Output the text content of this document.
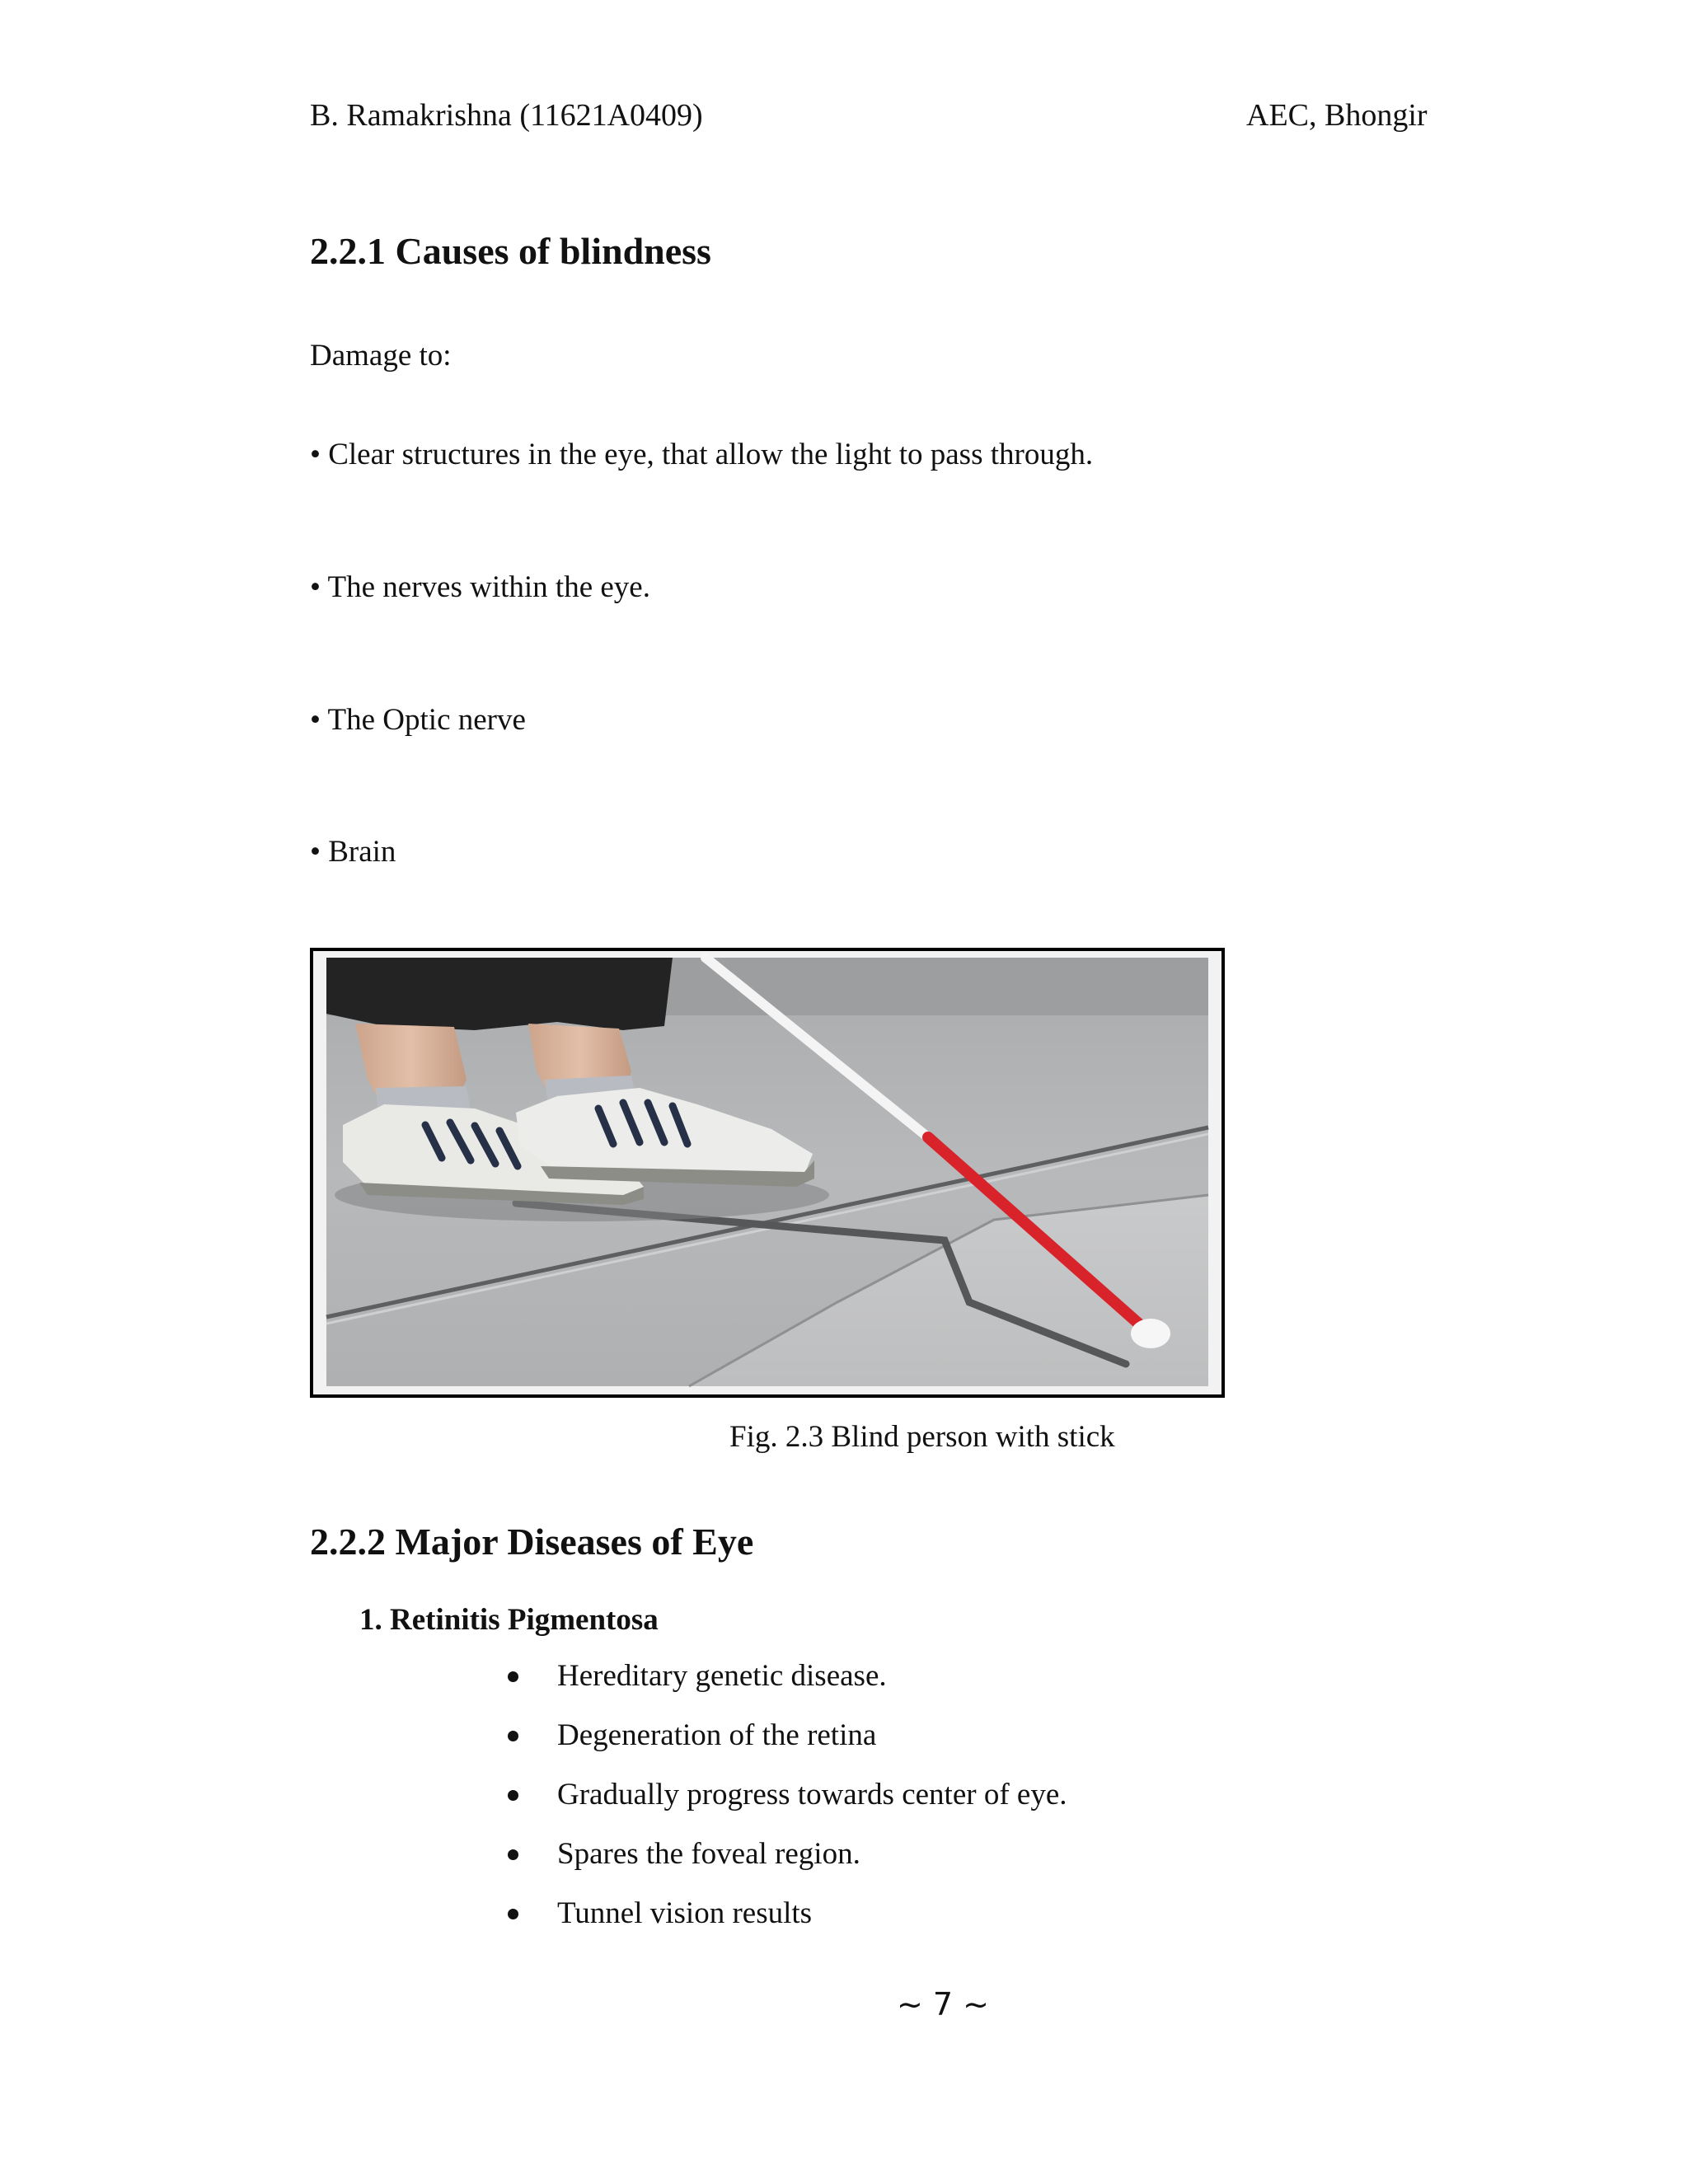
B. Ramakrishna (11621A0409)	AEC, Bhongir
2.2.1 Causes of blindness
Damage to:
• Clear structures in the eye, that allow the light to pass through.
• The nerves within the eye.
• The Optic nerve
• Brain
Fig. 2.3 Blind person with stick
2.2.2 Major Diseases of Eye
1. Retinitis Pigmentosa
Hereditary genetic disease.
Degeneration of the retina
Gradually progress towards center of eye.
Spares the foveal region.
Tunnel vision results
~ 7 ~
